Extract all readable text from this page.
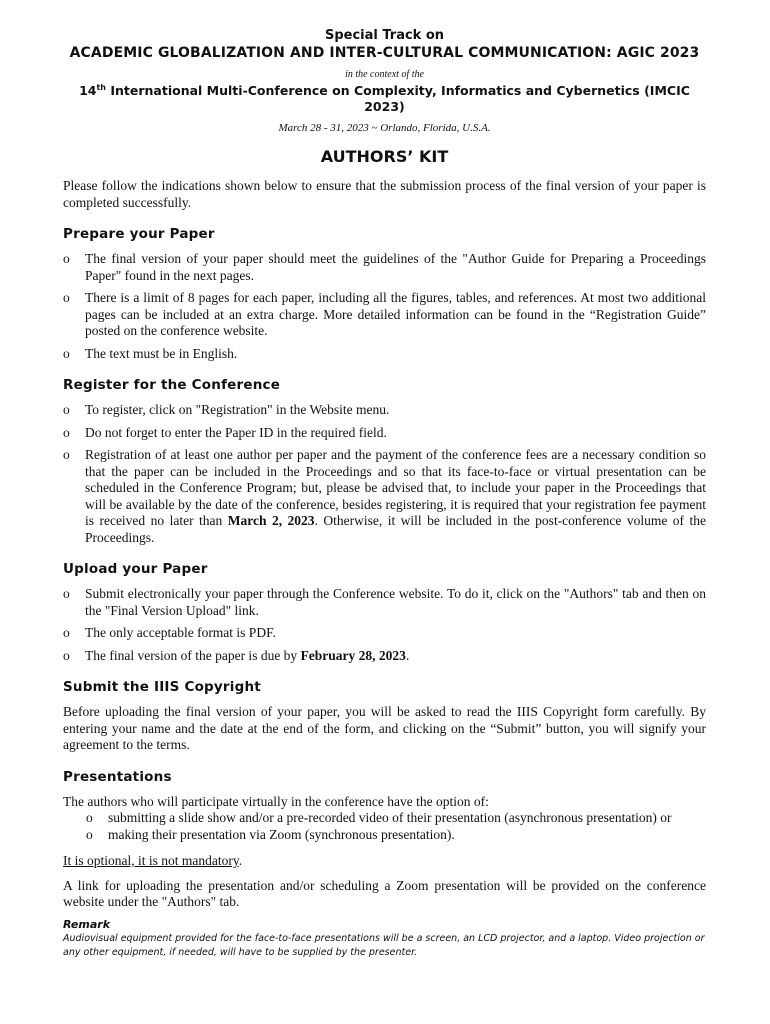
Special Track on
ACADEMIC GLOBALIZATION AND INTER-CULTURAL COMMUNICATION: AGIC 2023
in the context of the
14th International Multi-Conference on Complexity, Informatics and Cybernetics (IMCIC 2023)
March 28 - 31, 2023 ~ Orlando, Florida, U.S.A.
AUTHORS’ KIT

Please follow the indications shown below to ensure that the submission process of the final version of your paper is completed successfully.

Prepare your Paper
o The final version of your paper should meet the guidelines of the "Author Guide for Preparing a Proceedings Paper" found in the next pages.
o There is a limit of 8 pages for each paper, including all the figures, tables, and references. At most two additional pages can be included at an extra charge. More detailed information can be found in the “Registration Guide” posted on the conference website.
o The text must be in English.
Register for the Conference
o To register, click on "Registration" in the Website menu.
o Do not forget to enter the Paper ID in the required field.
o Registration of at least one author per paper and the payment of the conference fees are a necessary condition so that the paper can be included in the Proceedings and so that its face-to-face or virtual presentation can be scheduled in the Conference Program; but, please be advised that, to include your paper in the Proceedings that will be available by the date of the conference, besides registering, it is required that your registration fee payment is received no later than March 2, 2023. Otherwise, it will be included in the post-conference volume of the Proceedings.
Upload your Paper
o Submit electronically your paper through the Conference website. To do it, click on the "Authors" tab and then on the "Final Version Upload" link.
o The only acceptable format is PDF.
o The final version of the paper is due by February 28, 2023.
Submit the IIIS Copyright

Before uploading the final version of your paper, you will be asked to read the IIIS Copyright form carefully. By entering your name and the date at the end of the form, and clicking on the “Submit” button, you will signify your agreement to the terms.

Presentations

The authors who will participate virtually in the conference have the option of:

o submitting a slide show and/or a pre-recorded video of their presentation (asynchronous presentation) or
o making their presentation via Zoom (synchronous presentation).

It is optional, it is not mandatory.

A link for uploading the presentation and/or scheduling a Zoom presentation will be provided on the conference website under the "Authors" tab.

Remark
Audiovisual equipment provided for the face-to-face presentations will be a screen, an LCD projector, and a laptop. Video projection or any other equipment, if needed, will have to be supplied by the presenter.
